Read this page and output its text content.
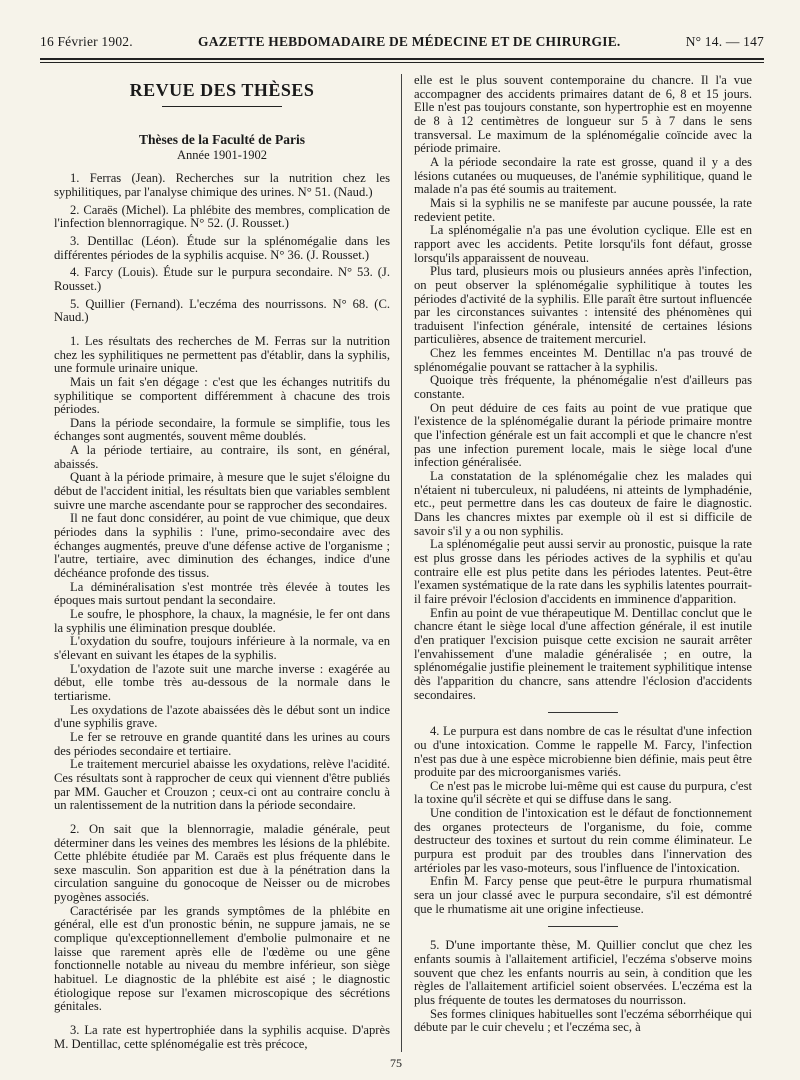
16 Février 1902.	GAZETTE HEBDOMADAIRE DE MÉDECINE ET DE CHIRURGIE.	N° 14. — 147
REVUE DES THÈSES
Thèses de la Faculté de Paris
Année 1901-1902

1. Ferras (Jean). Recherches sur la nutrition chez les syphilitiques, par l'analyse chimique des urines. N° 51. (Naud.)

2. Caraës (Michel). La phlébite des membres, complication de l'infection blennorragique. N° 52. (J. Rousset.)

3. Dentillac (Léon). Étude sur la splénomégalie dans les différentes périodes de la syphilis acquise. N° 36. (J. Rousset.)

4. Farcy (Louis). Étude sur le purpura secondaire. N° 53. (J. Rousset.)

5. Quillier (Fernand). L'eczéma des nourrissons. N° 68. (C. Naud.)

1. Les résultats des recherches de M. Ferras sur la nutrition chez les syphilitiques ne permettent pas d'établir, dans la syphilis, une formule urinaire unique.

Mais un fait s'en dégage : c'est que les échanges nutritifs du syphilitique se comportent différemment à chacune des trois périodes.

Dans la période secondaire, la formule se simplifie, tous les échanges sont augmentés, souvent même doublés.

A la période tertiaire, au contraire, ils sont, en général, abaissés.

Quant à la période primaire, à mesure que le sujet s'éloigne du début de l'accident initial, les résultats bien que variables semblent suivre une marche ascendante pour se rapprocher des secondaires.

Il ne faut donc considérer, au point de vue chimique, que deux périodes dans la syphilis : l'une, primo-secondaire avec des échanges augmentés, preuve d'une défense active de l'organisme ; l'autre, tertiaire, avec diminution des échanges, indice d'une déchéance profonde des tissus.

La déminéralisation s'est montrée très élevée à toutes les époques mais surtout pendant la secondaire.

Le soufre, le phosphore, la chaux, la magnésie, le fer ont dans la syphilis une élimination presque doublée.

L'oxydation du soufre, toujours inférieure à la normale, va en s'élevant en suivant les étapes de la syphilis.

L'oxydation de l'azote suit une marche inverse : exagérée au début, elle tombe très au-dessous de la normale dans le tertiarisme.

Les oxydations de l'azote abaissées dès le début sont un indice d'une syphilis grave.

Le fer se retrouve en grande quantité dans les urines au cours des périodes secondaire et tertiaire.

Le traitement mercuriel abaisse les oxydations, relève l'acidité. Ces résultats sont à rapprocher de ceux qui viennent d'être publiés par MM. Gaucher et Crouzon ; ceux-ci ont au contraire conclu à un ralentissement de la nutrition dans la période secondaire.

2. On sait que la blennorragie, maladie générale, peut déterminer dans les veines des membres les lésions de la phlébite. Cette phlébite étudiée par M. Caraës est plus fréquente dans le sexe masculin. Son apparition est due à la pénétration dans la circulation sanguine du gonocoque de Neisser ou de microbes pyogènes associés.

Caractérisée par les grands symptômes de la phlébite en général, elle est d'un pronostic bénin, ne suppure jamais, ne se complique qu'exceptionnellement d'embolie pulmonaire et ne laisse que rarement après elle de l'œdème ou une gêne fonctionnelle notable au niveau du membre inférieur, son siège habituel. Le diagnostic de la phlébite est aisé ; le diagnostic étiologique repose sur l'examen microscopique des sécrétions génitales.

3. La rate est hypertrophiée dans la syphilis acquise. D'après M. Dentillac, cette splénomégalie est très précoce,

elle est le plus souvent contemporaine du chancre. Il l'a vue accompagner des accidents primaires datant de 6, 8 et 15 jours. Elle n'est pas toujours constante, son hypertrophie est en moyenne de 8 à 12 centimètres de longueur sur 5 à 7 dans le sens transversal. Le maximum de la splénomégalie coïncide avec la période primaire.

A la période secondaire la rate est grosse, quand il y a des lésions cutanées ou muqueuses, de l'anémie syphilitique, quand le malade n'a pas été soumis au traitement.

Mais si la syphilis ne se manifeste par aucune poussée, la rate redevient petite.

La splénomégalie n'a pas une évolution cyclique. Elle est en rapport avec les accidents. Petite lorsqu'ils font défaut, grosse lorsqu'ils apparaissent de nouveau.

Plus tard, plusieurs mois ou plusieurs années après l'infection, on peut observer la splénomégalie syphilitique à toutes les périodes d'activité de la syphilis. Elle paraît être surtout influencée par les circonstances suivantes : intensité des phénomènes qui traduisent l'infection générale, intensité de certaines lésions particulières, absence de traitement mercuriel.

Chez les femmes enceintes M. Dentillac n'a pas trouvé de splénomégalie pouvant se rattacher à la syphilis.

Quoique très fréquente, la phénomégalie n'est d'ailleurs pas constante.

On peut déduire de ces faits au point de vue pratique que l'existence de la splénomégalie durant la période primaire montre que l'infection générale est un fait accompli et que le chancre n'est pas une infection purement locale, mais le siège local d'une infection généralisée.

La constatation de la splénomégalie chez les malades qui n'étaient ni tuberculeux, ni paludéens, ni atteints de lymphadénie, etc., peut permettre dans les cas douteux de faire le diagnostic. Dans les chancres mixtes par exemple où il est si difficile de savoir s'il y a ou non syphilis.

La splénomégalie peut aussi servir au pronostic, puisque la rate est plus grosse dans les périodes actives de la syphilis et qu'au contraire elle est plus petite dans les périodes latentes. Peut-être l'examen systématique de la rate dans les syphilis latentes pourrait-il faire prévoir l'éclosion d'accidents en imminence d'apparition.

Enfin au point de vue thérapeutique M. Dentillac conclut que le chancre étant le siège local d'une affection générale, il est inutile d'en pratiquer l'excision puisque cette excision ne saurait arrêter l'envahissement d'une maladie généralisée ; en outre, la splénomégalie justifie pleinement le traitement syphilitique intense dès l'apparition du chancre, sans attendre l'éclosion d'accidents secondaires.

4. Le purpura est dans nombre de cas le résultat d'une infection ou d'une intoxication. Comme le rappelle M. Farcy, l'infection n'est pas due à une espèce microbienne bien définie, mais peut être produite par des microorganismes variés.

Ce n'est pas le microbe lui-même qui est cause du purpura, c'est la toxine qu'il sécrète et qui se diffuse dans le sang.

Une condition de l'intoxication est le défaut de fonctionnement des organes protecteurs de l'organisme, du foie, comme destructeur des toxines et surtout du rein comme éliminateur. Le purpura est produit par des troubles dans l'innervation des artérioles par les vaso-moteurs, sous l'influence de l'intoxication.

Enfin M. Farcy pense que peut-être le purpura rhumatismal sera un jour classé avec le purpura secondaire, s'il est démontré que le rhumatisme ait une origine infectieuse.

5. D'une importante thèse, M. Quillier conclut que chez les enfants soumis à l'allaitement artificiel, l'eczéma s'observe moins souvent que chez les enfants nourris au sein, à condition que les règles de l'allaitement artificiel soient observées. L'eczéma est la plus fréquente de toutes les dermatoses du nourrisson.

Ses formes cliniques habituelles sont l'eczéma séborrhéique qui débute par le cuir chevelu ; et l'eczéma sec, à

75
